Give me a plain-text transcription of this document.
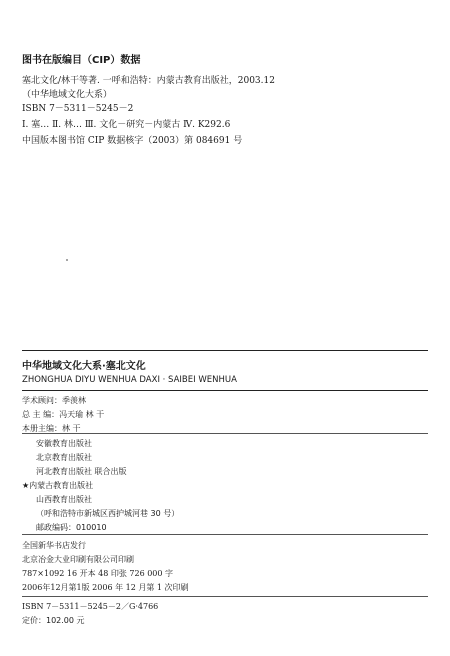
图书在版编目（CIP）数据
塞北文化/林干等著. 一呼和浩特：内蒙古教育出版社，2003.12
（中华地域文化大系）
ISBN 7－5311－5245－2
Ⅰ. 塞… Ⅱ. 林… Ⅲ. 文化－研究－内蒙古 Ⅳ. K292.6
中国版本图书馆 CIP 数据核字（2003）第 084691 号
中华地域文化大系·塞北文化
ZHONGHUA DIYU WENHUA DAXI · SAIBEI WENHUA
学术顾问：季羡林
总 主 编：冯天瑜 林 干
本册主编：林 干
安徽教育出版社
北京教育出版社
河北教育出版社 联合出版
★内蒙古教育出版社
山西教育出版社
（呼和浩特市新城区西护城河巷 30 号）
邮政编码：010010
全国新华书店发行
北京冶金大业印刷有限公司印刷
787×1092 16 开本 48 印张 726 000 字
2006年12月第1版 2006 年 12 月第 1 次印刷
ISBN 7－5311－5245－2／G·4766
定价：102.00 元
